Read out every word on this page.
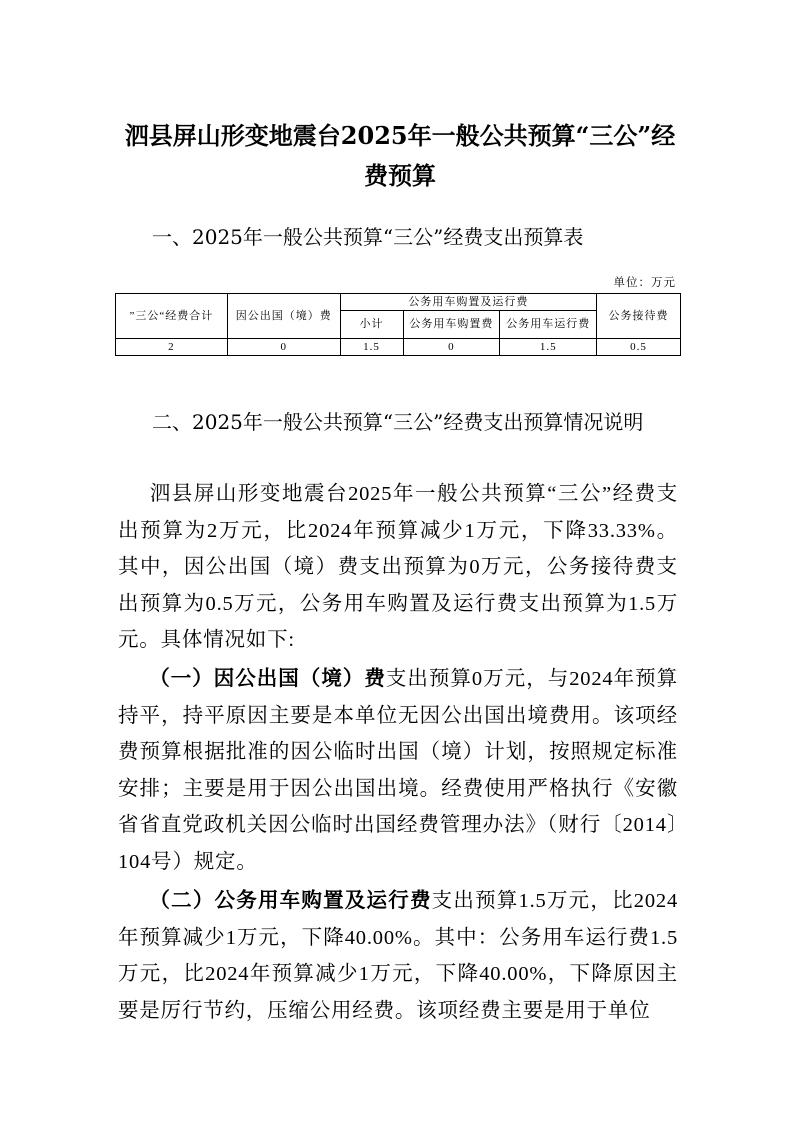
泗县屏山形变地震台2025年一般公共预算“三公”经
费预算
一、2025年一般公共预算“三公”经费支出预算表
单位：万元
”三公“经费合计	因公出国（境）费	公务用车购置及运行费			公务接待费
		小计	公务用车购置费	公务用车运行费	
2	0	1.5	0	1.5	0.5
二、2025年一般公共预算“三公”经费支出预算情况说明
泗县屏山形变地震台2025年一般公共预算“三公”经费支出预算为2万元，比2024年预算减少1万元，下降33.33%。其中，因公出国（境）费支出预算为0万元，公务接待费支出预算为0.5万元，公务用车购置及运行费支出预算为1.5万元。具体情况如下:
（一）因公出国（境）费支出预算0万元，与2024年预算持平，持平原因主要是本单位无因公出国出境费用。该项经费预算根据批准的因公临时出国（境）计划，按照规定标准安排；主要是用于因公出国出境。经费使用严格执行《安徽省省直党政机关因公临时出国经费管理办法》（财行〔2014〕104号）规定。
（二）公务用车购置及运行费支出预算1.5万元，比2024年预算减少1万元，下降40.00%。其中：公务用车运行费1.5万元，比2024年预算减少1万元，下降40.00%，下降原因主要是厉行节约，压缩公用经费。该项经费主要是用于单位
